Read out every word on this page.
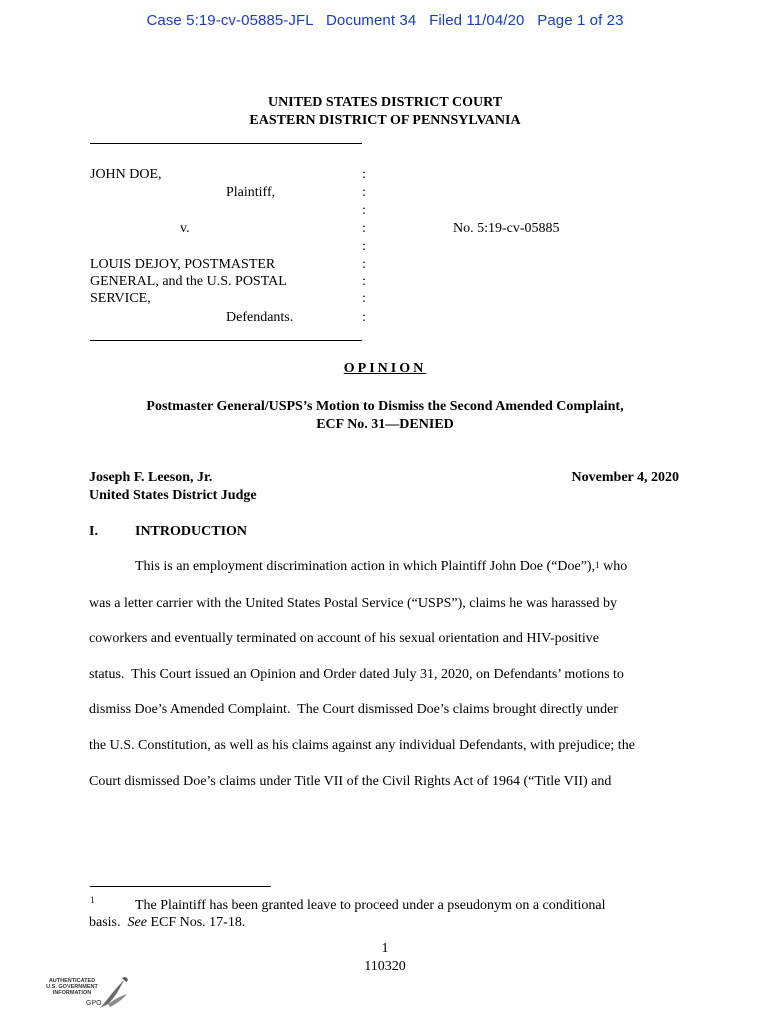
Case 5:19-cv-05885-JFL   Document 34   Filed 11/04/20   Page 1 of 23
UNITED STATES DISTRICT COURT
EASTERN DISTRICT OF PENNSYLVANIA
JOHN DOE,
Plaintiff,
v.
LOUIS DEJOY, POSTMASTER
GENERAL, and the U.S. POSTAL
SERVICE,
Defendants.
:
:
:
:
:
:
:
:
:
No. 5:19-cv-05885
OPINION
Postmaster General/USPS’s Motion to Dismiss the Second Amended Complaint,
ECF No. 31—DENIED
Joseph F. Leeson, Jr.
United States District Judge
November 4, 2020
I.	INTRODUCTION
This is an employment discrimination action in which Plaintiff John Doe (“Doe”),$^1$ who
was a letter carrier with the United States Postal Service (“USPS”), claims he was harassed by
coworkers and eventually terminated on account of his sexual orientation and HIV-positive
status.  This Court issued an Opinion and Order dated July 31, 2020, on Defendants’ motions to
dismiss Doe’s Amended Complaint.  The Court dismissed Doe’s claims brought directly under
the U.S. Constitution, as well as his claims against any individual Defendants, with prejudice; the
Court dismissed Doe’s claims under Title VII of the Civil Rights Act of 1964 (“Title VII) and
1	The Plaintiff has been granted leave to proceed under a pseudonym on a conditional
basis.  See ECF Nos. 17-18.
1
110320
AUTHENTICATED
U.S. GOVERNMENT
INFORMATION
GPO
